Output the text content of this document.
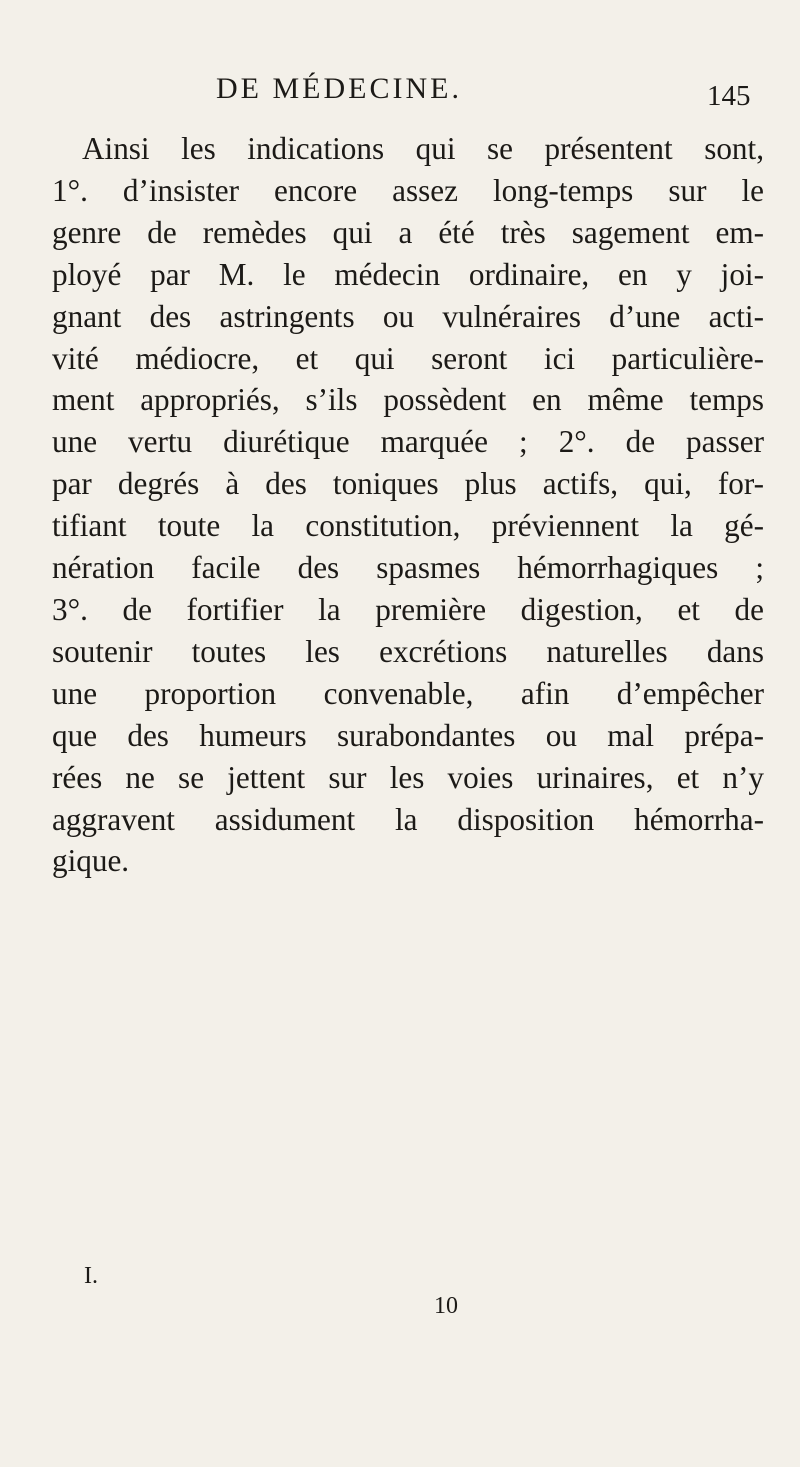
DE MÉDECINE.	145
Ainsi les indications qui se présentent sont,
1°. d’insister encore assez long-temps sur le
genre de remèdes qui a été très sagement em-
ployé par M. le médecin ordinaire, en y joi-
gnant des astringents ou vulnéraires d’une acti-
vité médiocre, et qui seront ici particulière-
ment appropriés, s’ils possèdent en même temps
une vertu diurétique marquée ; 2°. de passer
par degrés à des toniques plus actifs, qui, for-
tifiant toute la constitution, préviennent la gé-
nération facile des spasmes hémorrhagiques ;
3°. de fortifier la première digestion, et de
soutenir toutes les excrétions naturelles dans
une proportion convenable, afin d’empêcher
que des humeurs surabondantes ou mal prépa-
rées ne se jettent sur les voies urinaires, et n’y
aggravent assidument la disposition hémorrha-
gique.
I.
10
